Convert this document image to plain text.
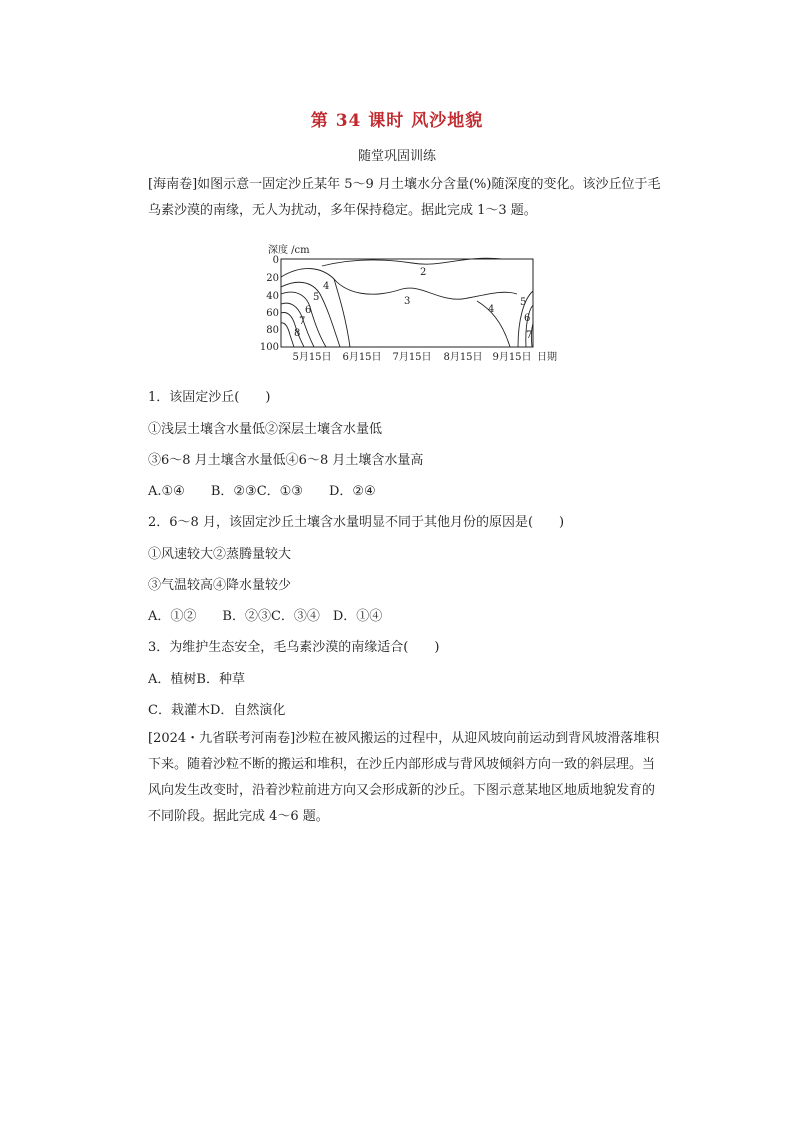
第 34 课时 风沙地貌
随堂巩固训练
[海南卷]如图示意一固定沙丘某年 5～9 月土壤水分含量(%)随深度的变化。该沙丘位于毛乌素沙漠的南缘，无人为扰动，多年保持稳定。据此完成 1～3 题。
深度 /cm
0
20
40
60
80
100
5月15日 6月15日 7月15日 8月15日 9月15日 日期
2
3
4
5
6
7
8
4
5
6
7
1．该固定沙丘(　　)
①浅层土壤含水量低②深层土壤含水量低
③6～8 月土壤含水量低④6～8 月土壤含水量高
A.①④　　B．②③C．①③　　D．②④
2．6～8 月，该固定沙丘土壤含水量明显不同于其他月份的原因是(　　)
①风速较大②蒸腾量较大
③气温较高④降水量较少
A．①②　　B．②③C．③④　D．①④
3．为维护生态安全，毛乌素沙漠的南缘适合(　　)
A．植树B．种草
C．栽灌木D．自然演化
[2024・九省联考河南卷]沙粒在被风搬运的过程中，从迎风坡向前运动到背风坡滑落堆积下来。随着沙粒不断的搬运和堆积，在沙丘内部形成与背风坡倾斜方向一致的斜层理。当风向发生改变时，沿着沙粒前进方向又会形成新的沙丘。下图示意某地区地质地貌发育的不同阶段。据此完成 4～6 题。
